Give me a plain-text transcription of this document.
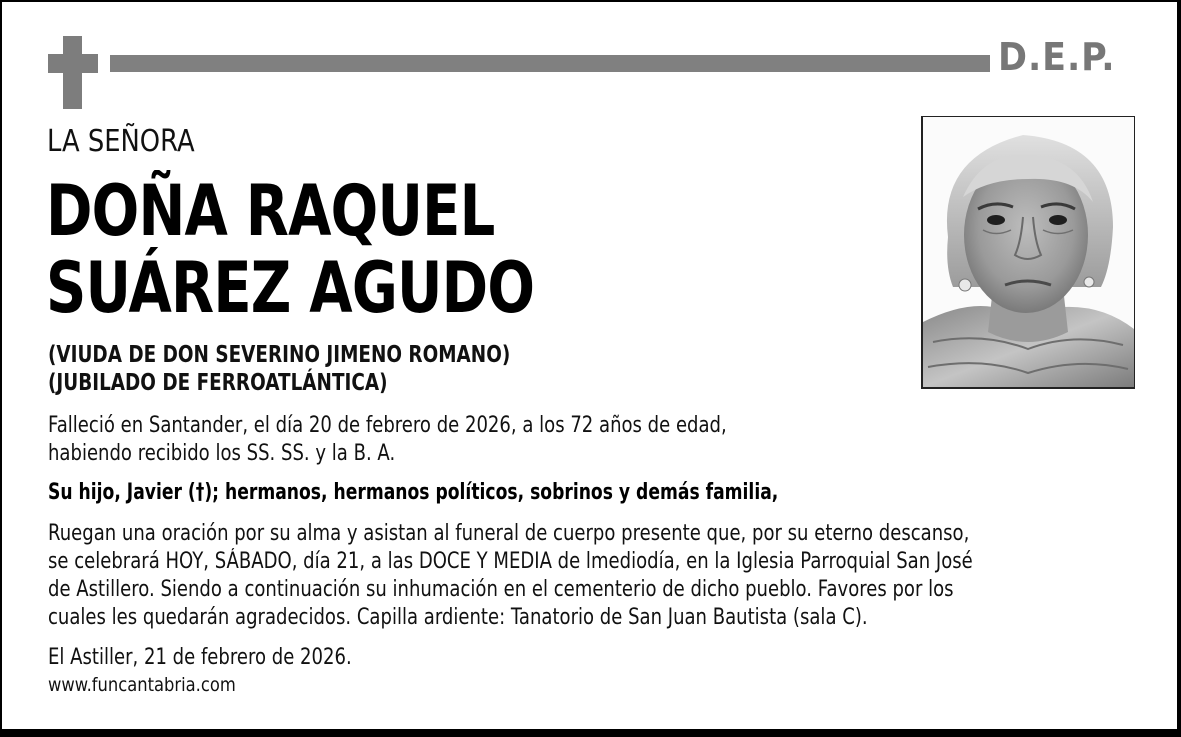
D.E.P.
LA SEÑORA
DOÑA RAQUEL
SUÁREZ AGUDO
(VIUDA DE DON SEVERINO JIMENO ROMANO)
(JUBILADO DE FERROATLÁNTICA)
Falleció en Santander, el día 20 de febrero de 2026, a los 72 años de edad,
habiendo recibido los SS. SS. y la B. A.
Su hijo, Javier (†); hermanos, hermanos políticos, sobrinos y demás familia,
Ruegan una oración por su alma y asistan al funeral de cuerpo presente que, por su eterno descanso,
se celebrará HOY, SÁBADO, día 21, a las DOCE Y MEDIA de lmediodía, en la Iglesia Parroquial San José
de Astillero. Siendo a continuación su inhumación en el cementerio de dicho pueblo. Favores por los
cuales les quedarán agradecidos. Capilla ardiente: Tanatorio de San Juan Bautista (sala C).
El Astiller, 21 de febrero de 2026.
www.funcantabria.com
